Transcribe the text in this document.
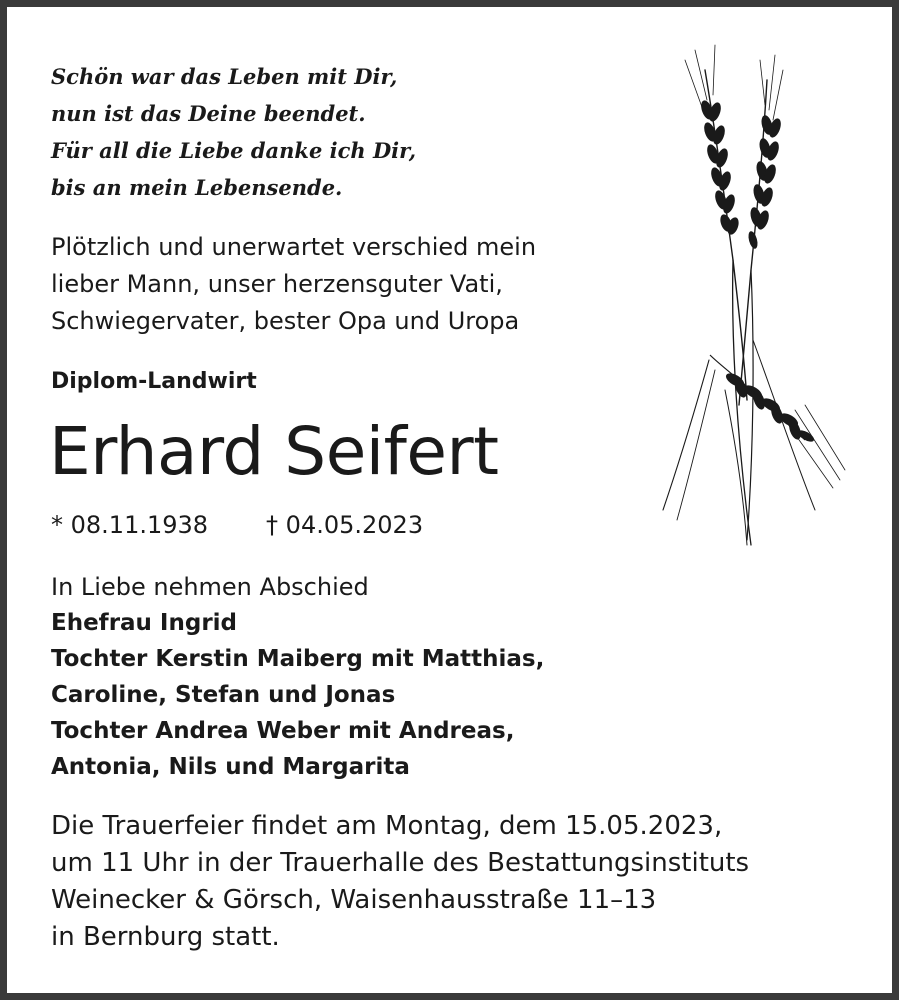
Schön war das Leben mit Dir,
nun ist das Deine beendet.
Für all die Liebe danke ich Dir,
bis an mein Lebensende.
Plötzlich und unerwartet verschied mein
lieber Mann, unser herzensguter Vati,
Schwiegervater, bester Opa und Uropa
Diplom-Landwirt
Erhard Seifert
* 08.11.1938 † 04.05.2023
In Liebe nehmen Abschied
Ehefrau Ingrid
Tochter Kerstin Maiberg mit Matthias,
Caroline, Stefan und Jonas
Tochter Andrea Weber mit Andreas,
Antonia, Nils und Margarita
Die Trauerfeier findet am Montag, dem 15.05.2023,
um 11 Uhr in der Trauerhalle des Bestattungsinstituts
Weinecker & Görsch, Waisenhausstraße 11–13
in Bernburg statt.
